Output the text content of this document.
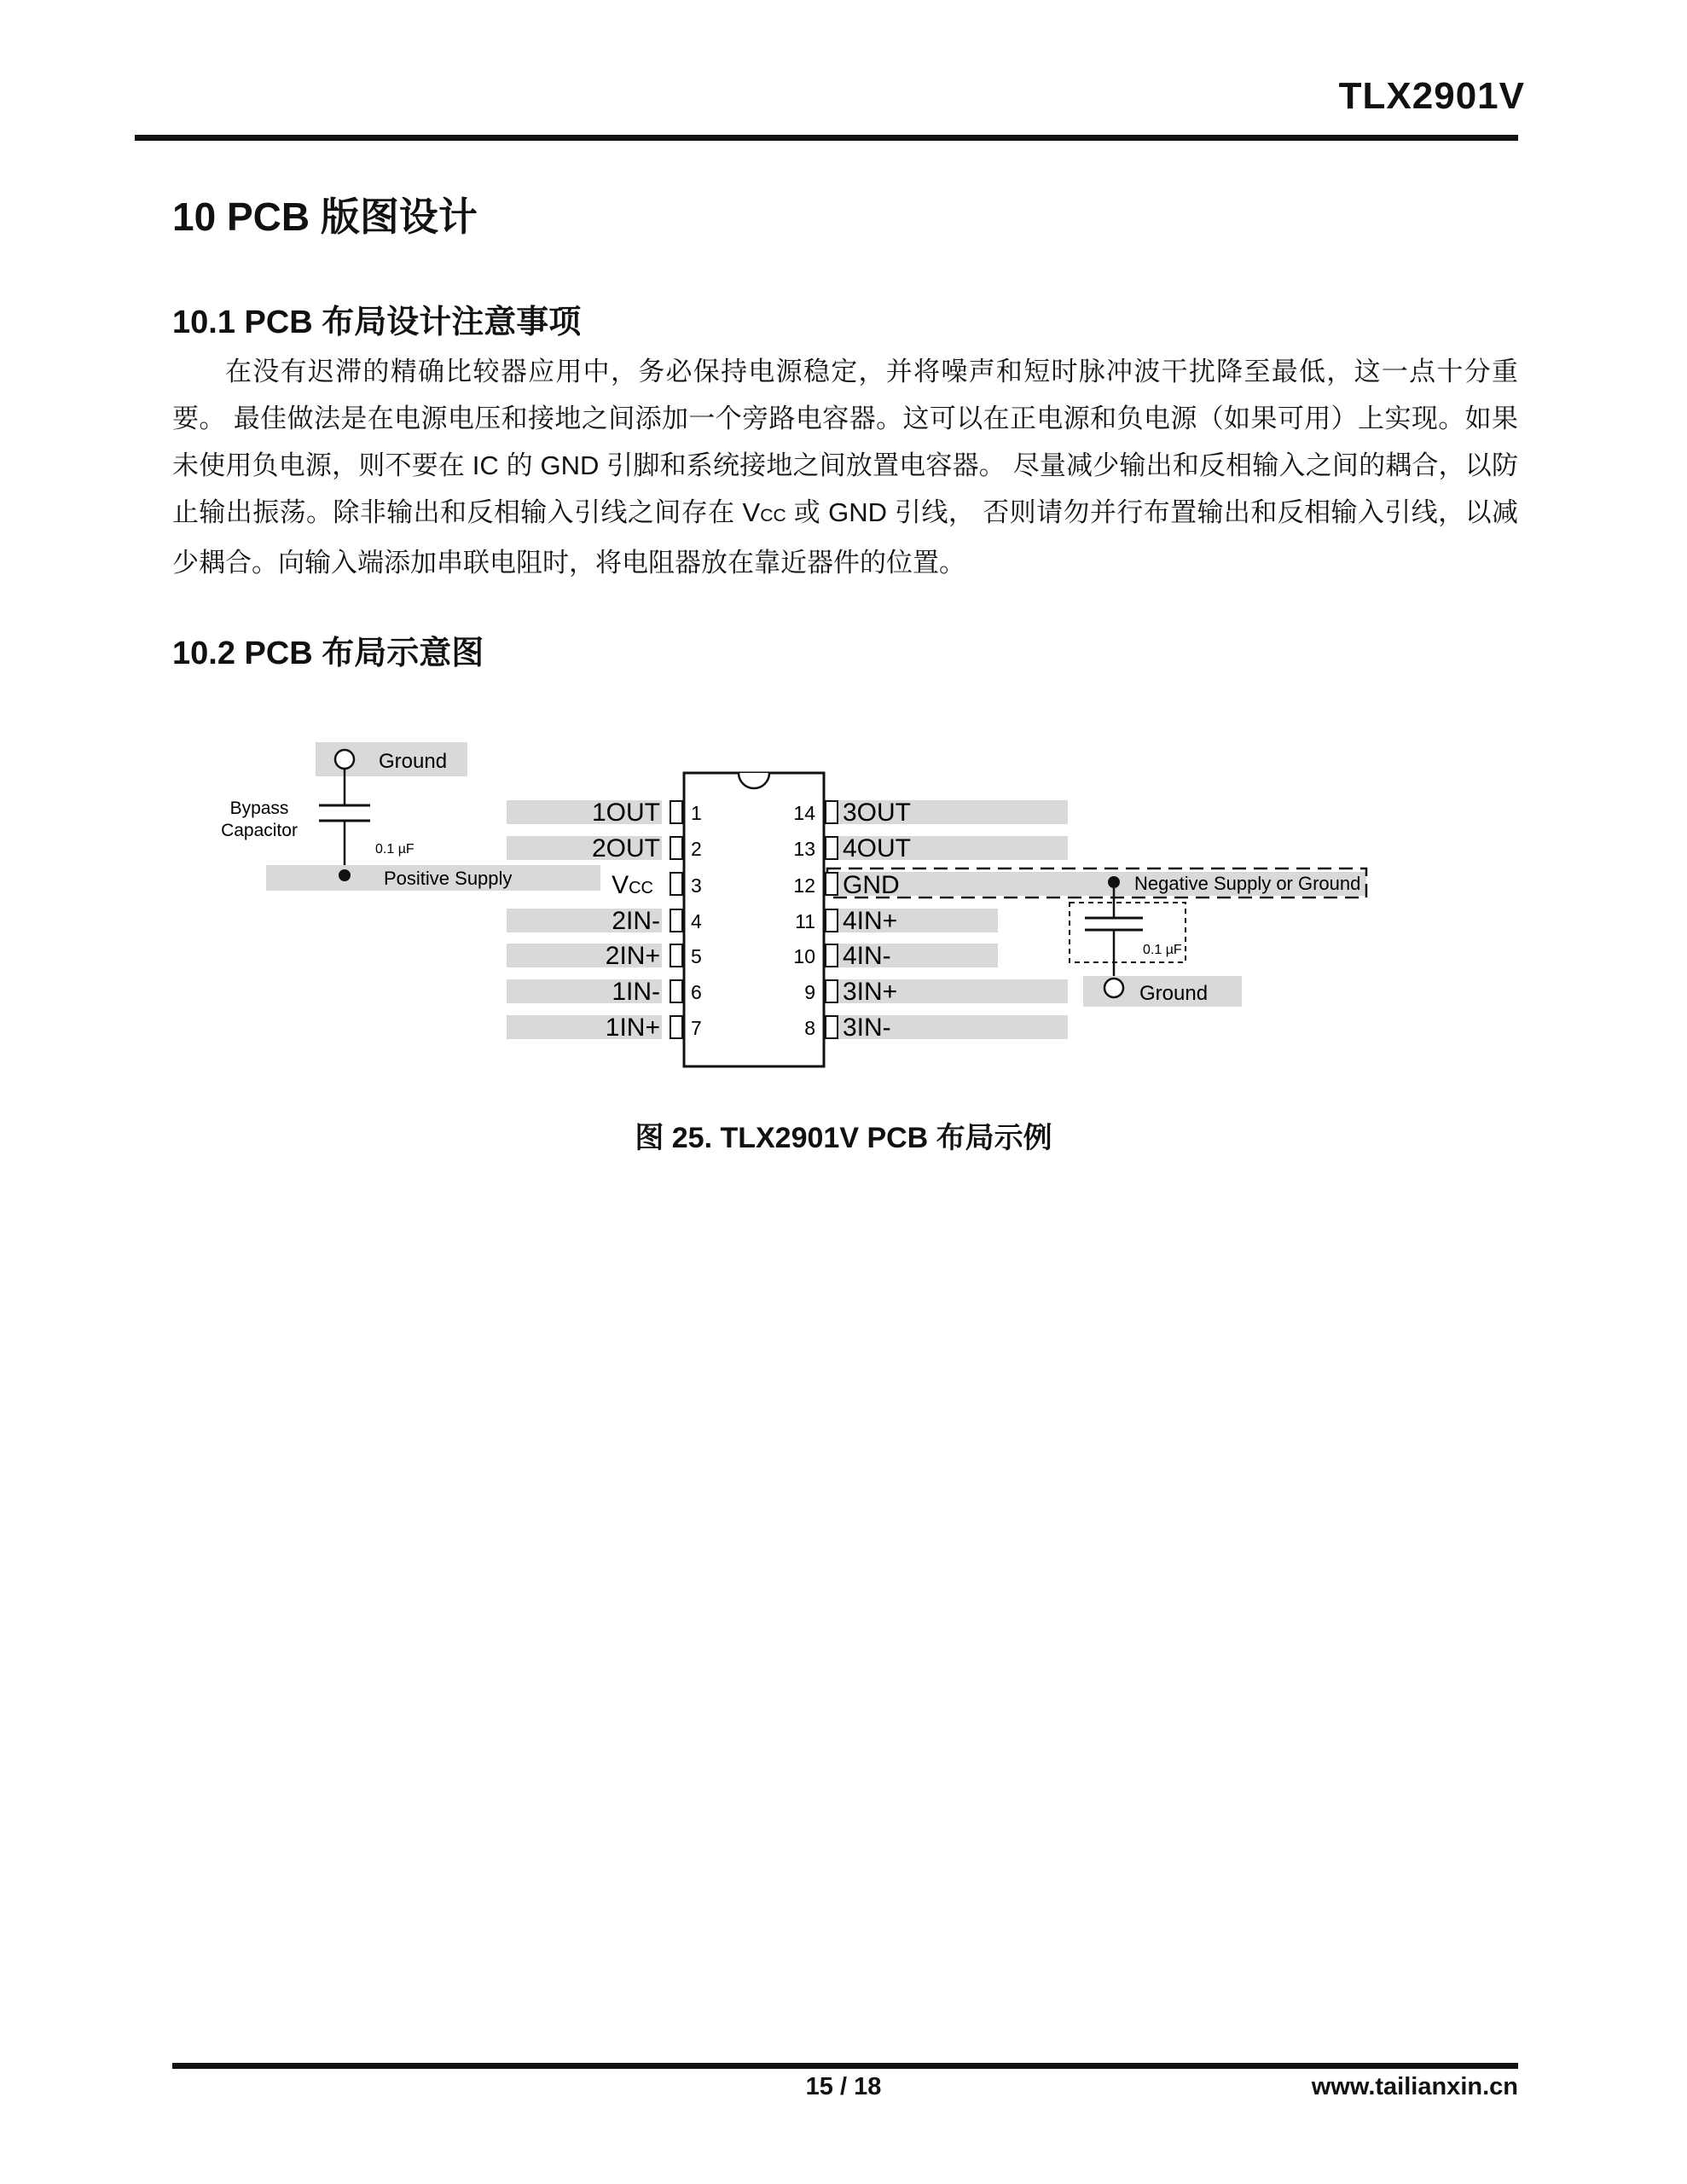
TLX2901V
10 PCB 版图设计
10.1 PCB 布局设计注意事项

在没有迟滞的精确比较器应用中，务必保持电源稳定，并将噪声和短时脉冲波干扰降至最低，这一点十分重要。 最佳做法是在电源电压和接地之间添加一个旁路电容器。这可以在正电源和负电源（如果可用）上实现。如果未使用负电源，则不要在 IC 的 GND 引脚和系统接地之间放置电容器。 尽量减少输出和反相输入之间的耦合，以防止输出振荡。除非输出和反相输入引线之间存在 VCC 或 GND 引线， 否则请勿并行布置输出和反相输入引线，以减少耦合。向输入端添加串联电阻时，将电阻器放在靠近器件的位置。

10.2 PCB 布局示意图
Ground
Bypass
Capacitor
0.1 µF
Positive Supply
1OUT
2OUT
VCC
2IN-
2IN+
1IN-
1IN+
1
2
3
4
5
6
7
14
13
12
11
10
9
8
3OUT
4OUT
GND
4IN+
4IN-
3IN+
3IN-
Negative Supply or Ground
0.1 µF
Ground
图 25. TLX2901V PCB 布局示例
15 / 18	www.tailianxin.cn
